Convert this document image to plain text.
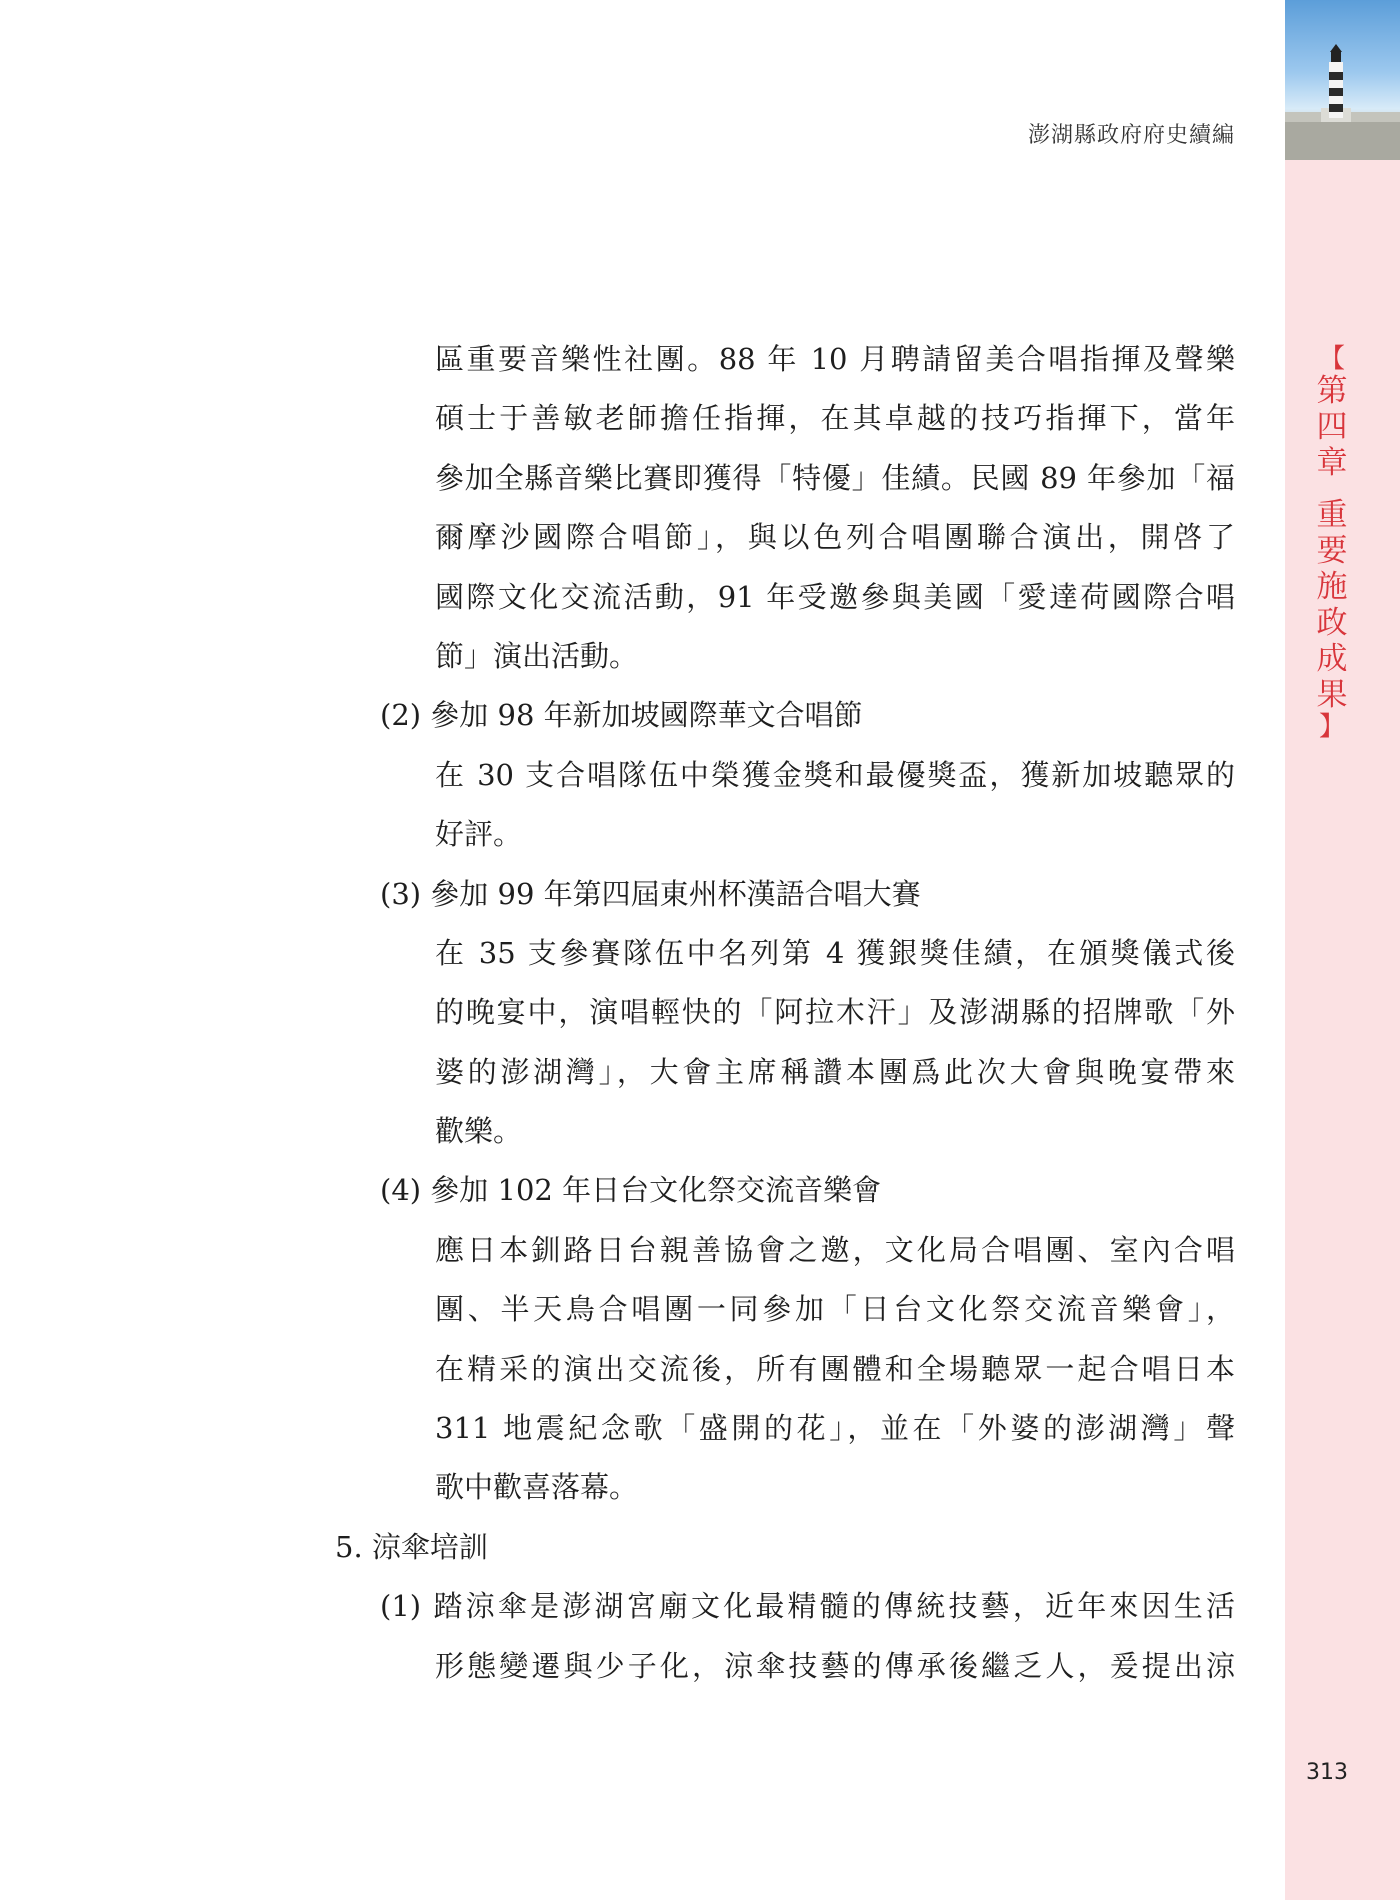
澎湖縣政府府史續編
【
第
四
章
重
要
施
政
成
果
】
313
區重要音樂性社團。88 年 10 月聘請留美合唱指揮及聲樂
碩士于善敏老師擔任指揮，在其卓越的技巧指揮下，當年
參加全縣音樂比賽即獲得「特優」佳績。民國 89 年參加「福
爾摩沙國際合唱節」，與以色列合唱團聯合演出，開啓了
國際文化交流活動，91 年受邀參與美國「愛達荷國際合唱
節」演出活動。
(2) 參加 98 年新加坡國際華文合唱節
在 30 支合唱隊伍中榮獲金獎和最優獎盃，獲新加坡聽眾的
好評。
(3) 參加 99 年第四屆東州杯漢語合唱大賽
在 35 支參賽隊伍中名列第 4 獲銀獎佳績，在頒獎儀式後
的晚宴中，演唱輕快的「阿拉木汗」及澎湖縣的招牌歌「外
婆的澎湖灣」，大會主席稱讚本團爲此次大會與晚宴帶來
歡樂。
(4) 參加 102 年日台文化祭交流音樂會
應日本釧路日台親善協會之邀，文化局合唱團、室內合唱
團、半天鳥合唱團一同參加「日台文化祭交流音樂會」，
在精采的演出交流後，所有團體和全場聽眾一起合唱日本
311 地震紀念歌「盛開的花」，並在「外婆的澎湖灣」聲
歌中歡喜落幕。
5. 涼傘培訓
(1) 踏涼傘是澎湖宮廟文化最精髓的傳統技藝，近年來因生活
形態變遷與少子化，涼傘技藝的傳承後繼乏人，爰提出涼
